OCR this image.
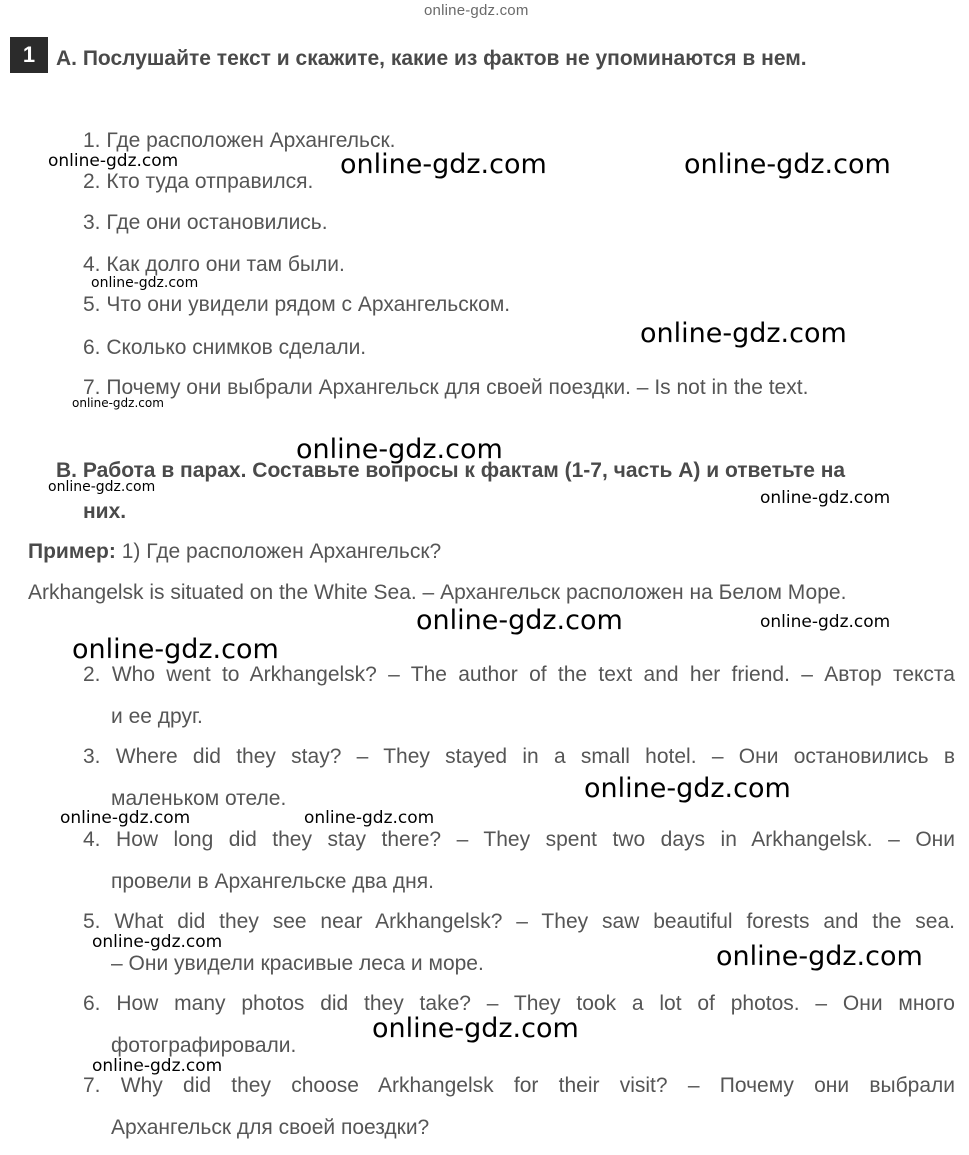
online-gdz.com
1 A. Послушайте текст и скажите, какие из фактов не упоминаются в нем.
1. Где расположен Архангельск.
2. Кто туда отправился.
3. Где они остановились.
4. Как долго они там были.
5. Что они увидели рядом с Архангельском.
6. Сколько снимков сделали.
7. Почему они выбрали Архангельск для своей поездки. – Is not in the text.
B. Работа в парах. Составьте вопросы к фактам (1-7, часть А) и ответьте на
них.
Пример: 1) Где расположен Архангельск?
Arkhangelsk is situated on the White Sea. – Архангельск расположен на Белом Море.
2. Who went to Arkhangelsk? – The author of the text and her friend. – Автор текста
и ее друг.
3. Where did they stay? – They stayed in a small hotel. – Они остановились в
маленьком отеле.
4. How long did they stay there? – They spent two days in Arkhangelsk. – Они
провели в Архангельске два дня.
5. What did they see near Arkhangelsk? – They saw beautiful forests and the sea.
– Они увидели красивые леса и море.
6. How many photos did they take? – They took a lot of photos. – Они много
фотографировали.
7. Why did they choose Arkhangelsk for their visit? – Почему они выбрали
Архангельск для своей поездки?
online-gdz.com	online-gdz.com	online-gdz.com
online-gdz.com
online-gdz.com
online-gdz.com
online-gdz.com
online-gdz.com
online-gdz.com
online-gdz.com	online-gdz.com
online-gdz.com
online-gdz.com
online-gdz.com	online-gdz.com
online-gdz.com	online-gdz.com
online-gdz.com
online-gdz.com
